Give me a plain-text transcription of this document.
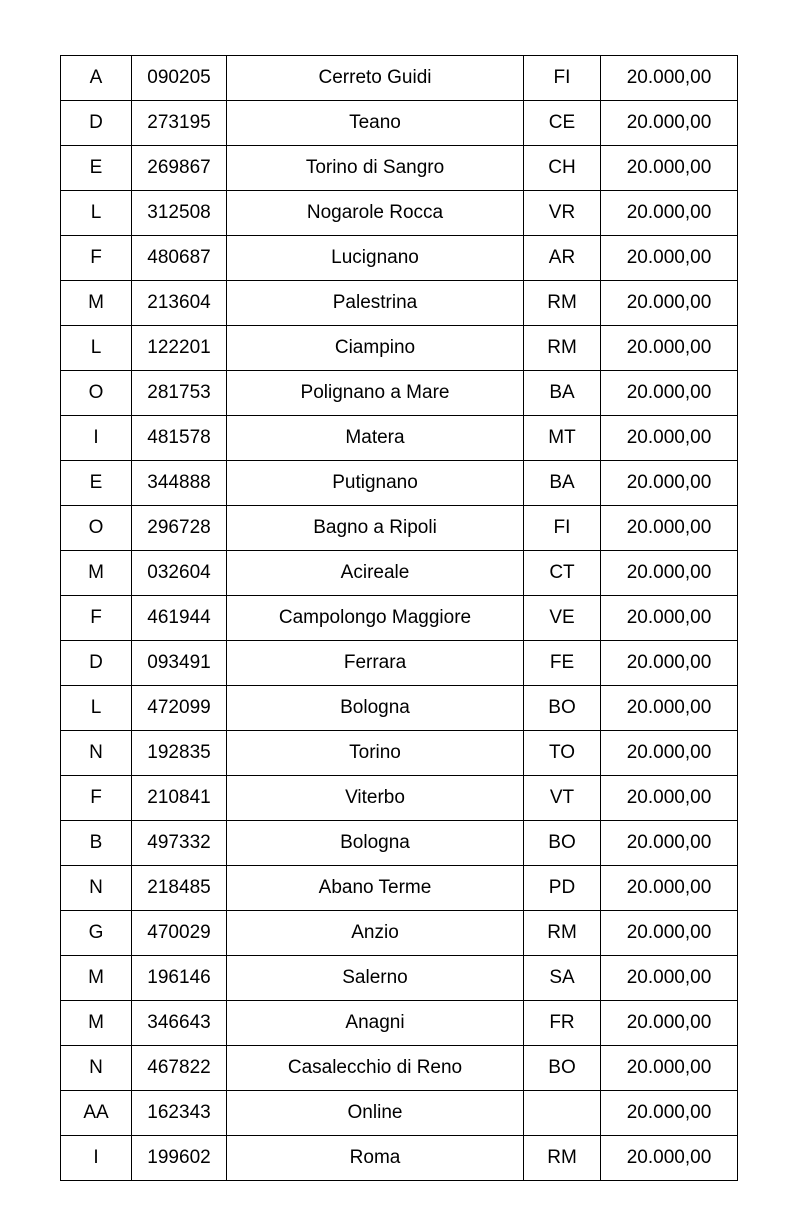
A	090205	Cerreto Guidi	FI	20.000,00
D	273195	Teano	CE	20.000,00
E	269867	Torino di Sangro	CH	20.000,00
L	312508	Nogarole Rocca	VR	20.000,00
F	480687	Lucignano	AR	20.000,00
M	213604	Palestrina	RM	20.000,00
L	122201	Ciampino	RM	20.000,00
O	281753	Polignano a Mare	BA	20.000,00
I	481578	Matera	MT	20.000,00
E	344888	Putignano	BA	20.000,00
O	296728	Bagno a Ripoli	FI	20.000,00
M	032604	Acireale	CT	20.000,00
F	461944	Campolongo Maggiore	VE	20.000,00
D	093491	Ferrara	FE	20.000,00
L	472099	Bologna	BO	20.000,00
N	192835	Torino	TO	20.000,00
F	210841	Viterbo	VT	20.000,00
B	497332	Bologna	BO	20.000,00
N	218485	Abano Terme	PD	20.000,00
G	470029	Anzio	RM	20.000,00
M	196146	Salerno	SA	20.000,00
M	346643	Anagni	FR	20.000,00
N	467822	Casalecchio di Reno	BO	20.000,00
AA	162343	Online		20.000,00
I	199602	Roma	RM	20.000,00
